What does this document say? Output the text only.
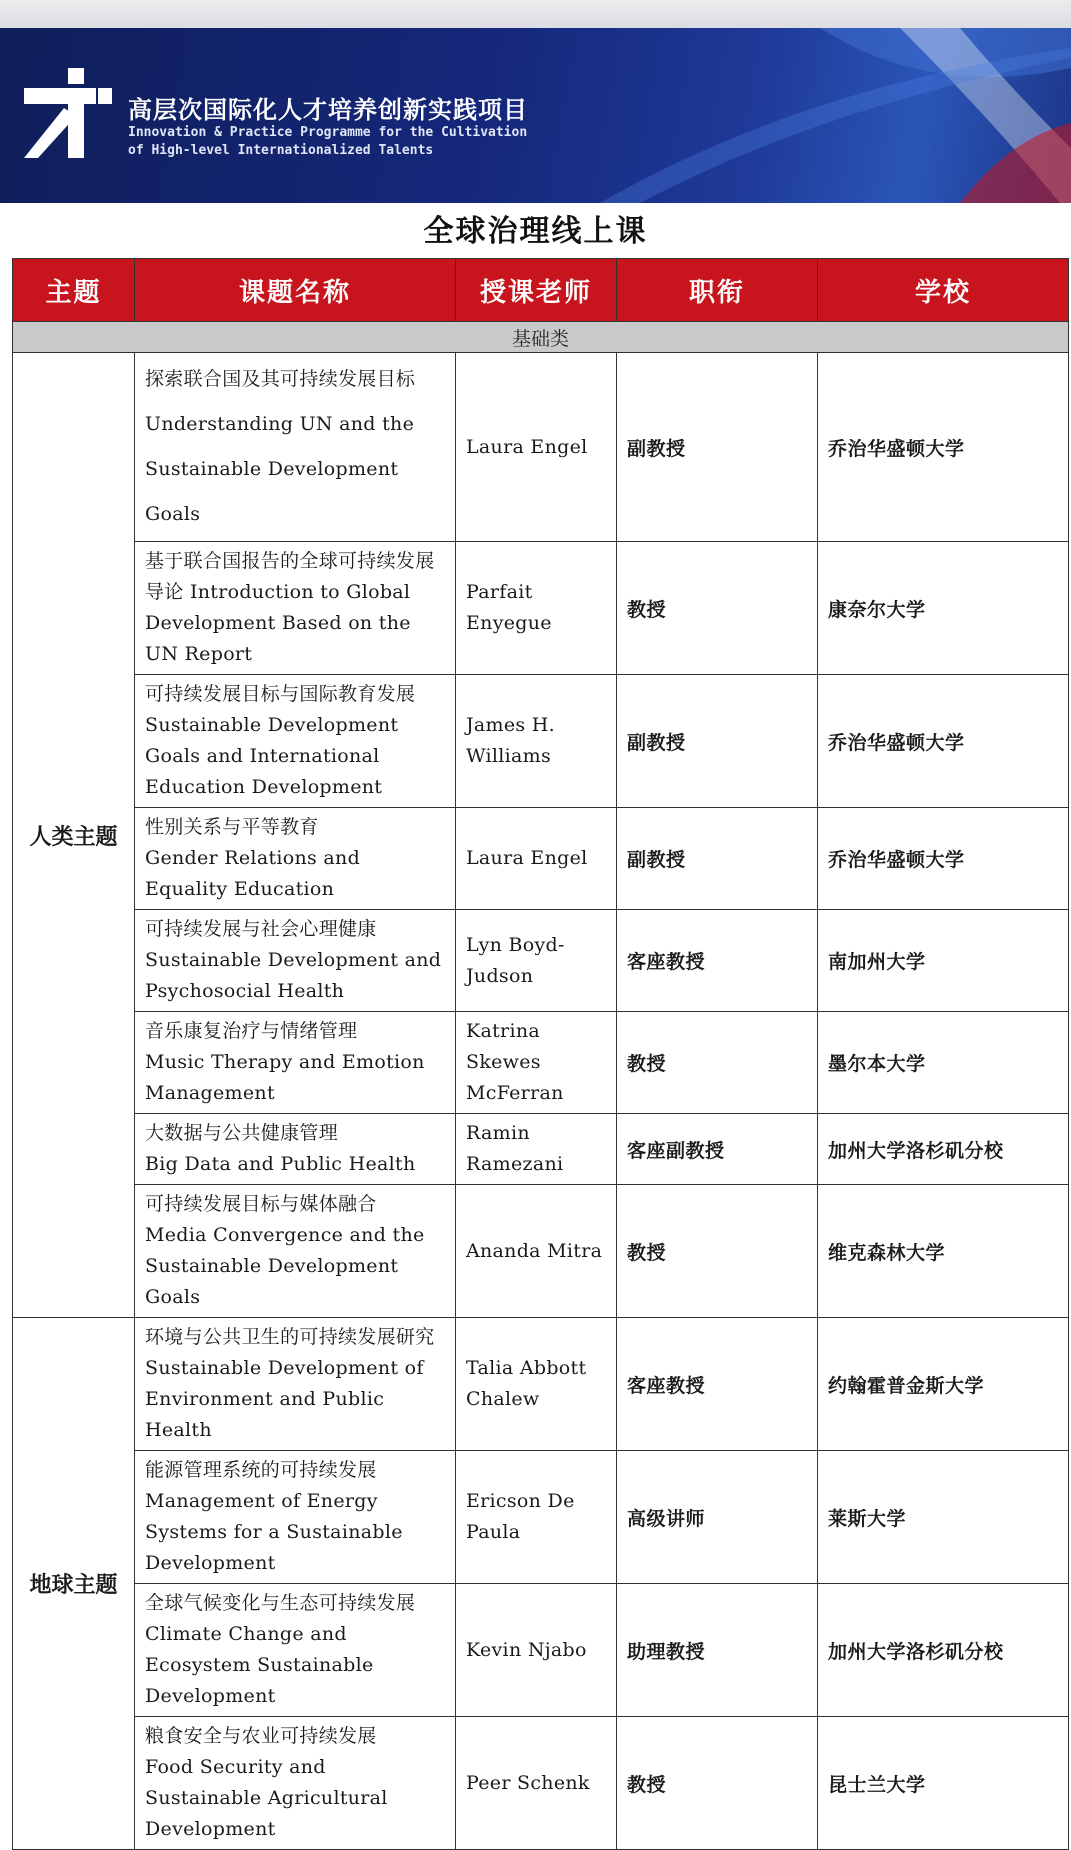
高层次国际化人才培养创新实践项目
Innovation & Practice Programme for the Cultivation
of High-level Internationalized Talents
全球治理线上课
主题	课题名称	授课老师	职衔	学校
基础类				
人类主题	探索联合国及其可持续发展目标
Understanding UN and the Sustainable Development Goals	Laura Engel	副教授	乔治华盛顿大学
	基于联合国报告的全球可持续发展导论 Introduction to Global Development Based on the UN Report	Parfait Enyegue	教授	康奈尔大学
	可持续发展目标与国际教育发展
Sustainable Development Goals and International Education Development	James H. Williams	副教授	乔治华盛顿大学
	性别关系与平等教育
Gender Relations and Equality Education	Laura Engel	副教授	乔治华盛顿大学
	可持续发展与社会心理健康
Sustainable Development and Psychosocial Health	Lyn Boyd-Judson	客座教授	南加州大学
	音乐康复治疗与情绪管理
Music Therapy and Emotion Management	Katrina Skewes McFerran	教授	墨尔本大学
	大数据与公共健康管理
Big Data and Public Health	Ramin Ramezani	客座副教授	加州大学洛杉矶分校
	可持续发展目标与媒体融合
Media Convergence and the Sustainable Development Goals	Ananda Mitra	教授	维克森林大学
地球主题	环境与公共卫生的可持续发展研究
Sustainable Development of Environment and Public Health	Talia Abbott Chalew	客座教授	约翰霍普金斯大学
	能源管理系统的可持续发展
Management of Energy Systems for a Sustainable Development	Ericson De Paula	高级讲师	莱斯大学
	全球气候变化与生态可持续发展
Climate Change and Ecosystem Sustainable Development	Kevin Njabo	助理教授	加州大学洛杉矶分校
	粮食安全与农业可持续发展
Food Security and Sustainable Agricultural Development	Peer Schenk	教授	昆士兰大学
